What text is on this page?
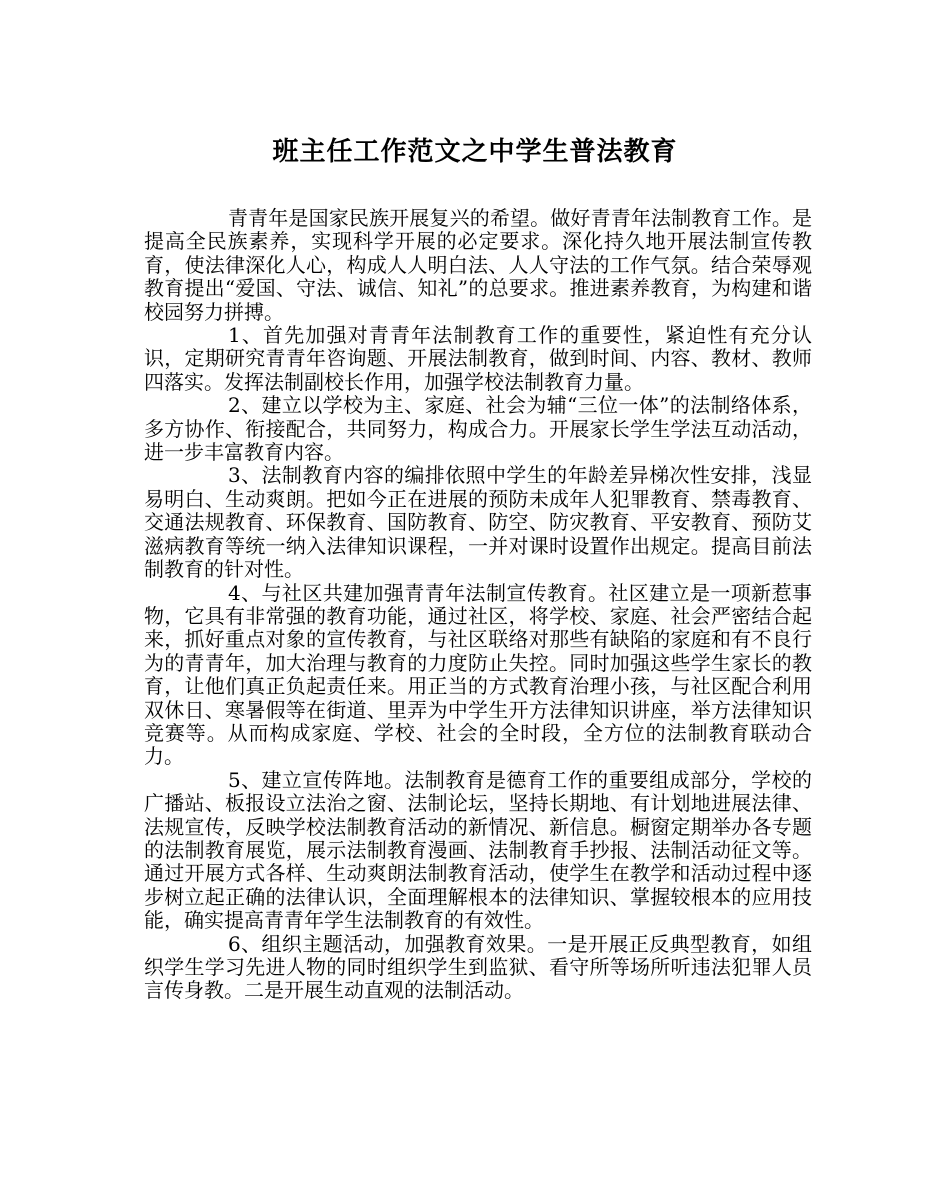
班主任工作范文之中学生普法教育

青青年是国家民族开展复兴的希望。做好青青年法制教育工作。是提高全民族素养，实现科学开展的必定要求。深化持久地开展法制宣传教育，使法律深化人心，构成人人明白法、人人守法的工作气氛。结合荣辱观教育提出“爱国、守法、诚信、知礼”的总要求。推进素养教育，为构建和谐校园努力拼搏。

1、首先加强对青青年法制教育工作的重要性，紧迫性有充分认识，定期研究青青年咨询题、开展法制教育，做到时间、内容、教材、教师四落实。发挥法制副校长作用，加强学校法制教育力量。

2、建立以学校为主、家庭、社会为辅“三位一体”的法制络体系，多方协作、衔接配合，共同努力，构成合力。开展家长学生学法互动活动，进一步丰富教育内容。

3、法制教育内容的编排依照中学生的年龄差异梯次性安排，浅显易明白、生动爽朗。把如今正在进展的预防未成年人犯罪教育、禁毒教育、交通法规教育、环保教育、国防教育、防空、防灾教育、平安教育、预防艾滋病教育等统一纳入法律知识课程，一并对课时设置作出规定。提高目前法制教育的针对性。

4、与社区共建加强青青年法制宣传教育。社区建立是一项新惹事物，它具有非常强的教育功能，通过社区，将学校、家庭、社会严密结合起来，抓好重点对象的宣传教育，与社区联络对那些有缺陷的家庭和有不良行为的青青年，加大治理与教育的力度防止失控。同时加强这些学生家长的教育，让他们真正负起责任来。用正当的方式教育治理小孩，与社区配合利用双休日、寒暑假等在街道、里弄为中学生开方法律知识讲座，举方法律知识竞赛等。从而构成家庭、学校、社会的全时段，全方位的法制教育联动合力。

5、建立宣传阵地。法制教育是德育工作的重要组成部分，学校的广播站、板报设立法治之窗、法制论坛，坚持长期地、有计划地进展法律、法规宣传，反映学校法制教育活动的新情况、新信息。橱窗定期举办各专题的法制教育展览，展示法制教育漫画、法制教育手抄报、法制活动征文等。通过开展方式各样、生动爽朗法制教育活动，使学生在教学和活动过程中逐步树立起正确的法律认识，全面理解根本的法律知识、掌握较根本的应用技能，确实提高青青年学生法制教育的有效性。

6、组织主题活动，加强教育效果。一是开展正反典型教育，如组织学生学习先进人物的同时组织学生到监狱、看守所等场所听违法犯罪人员言传身教。二是开展生动直观的法制活动。
